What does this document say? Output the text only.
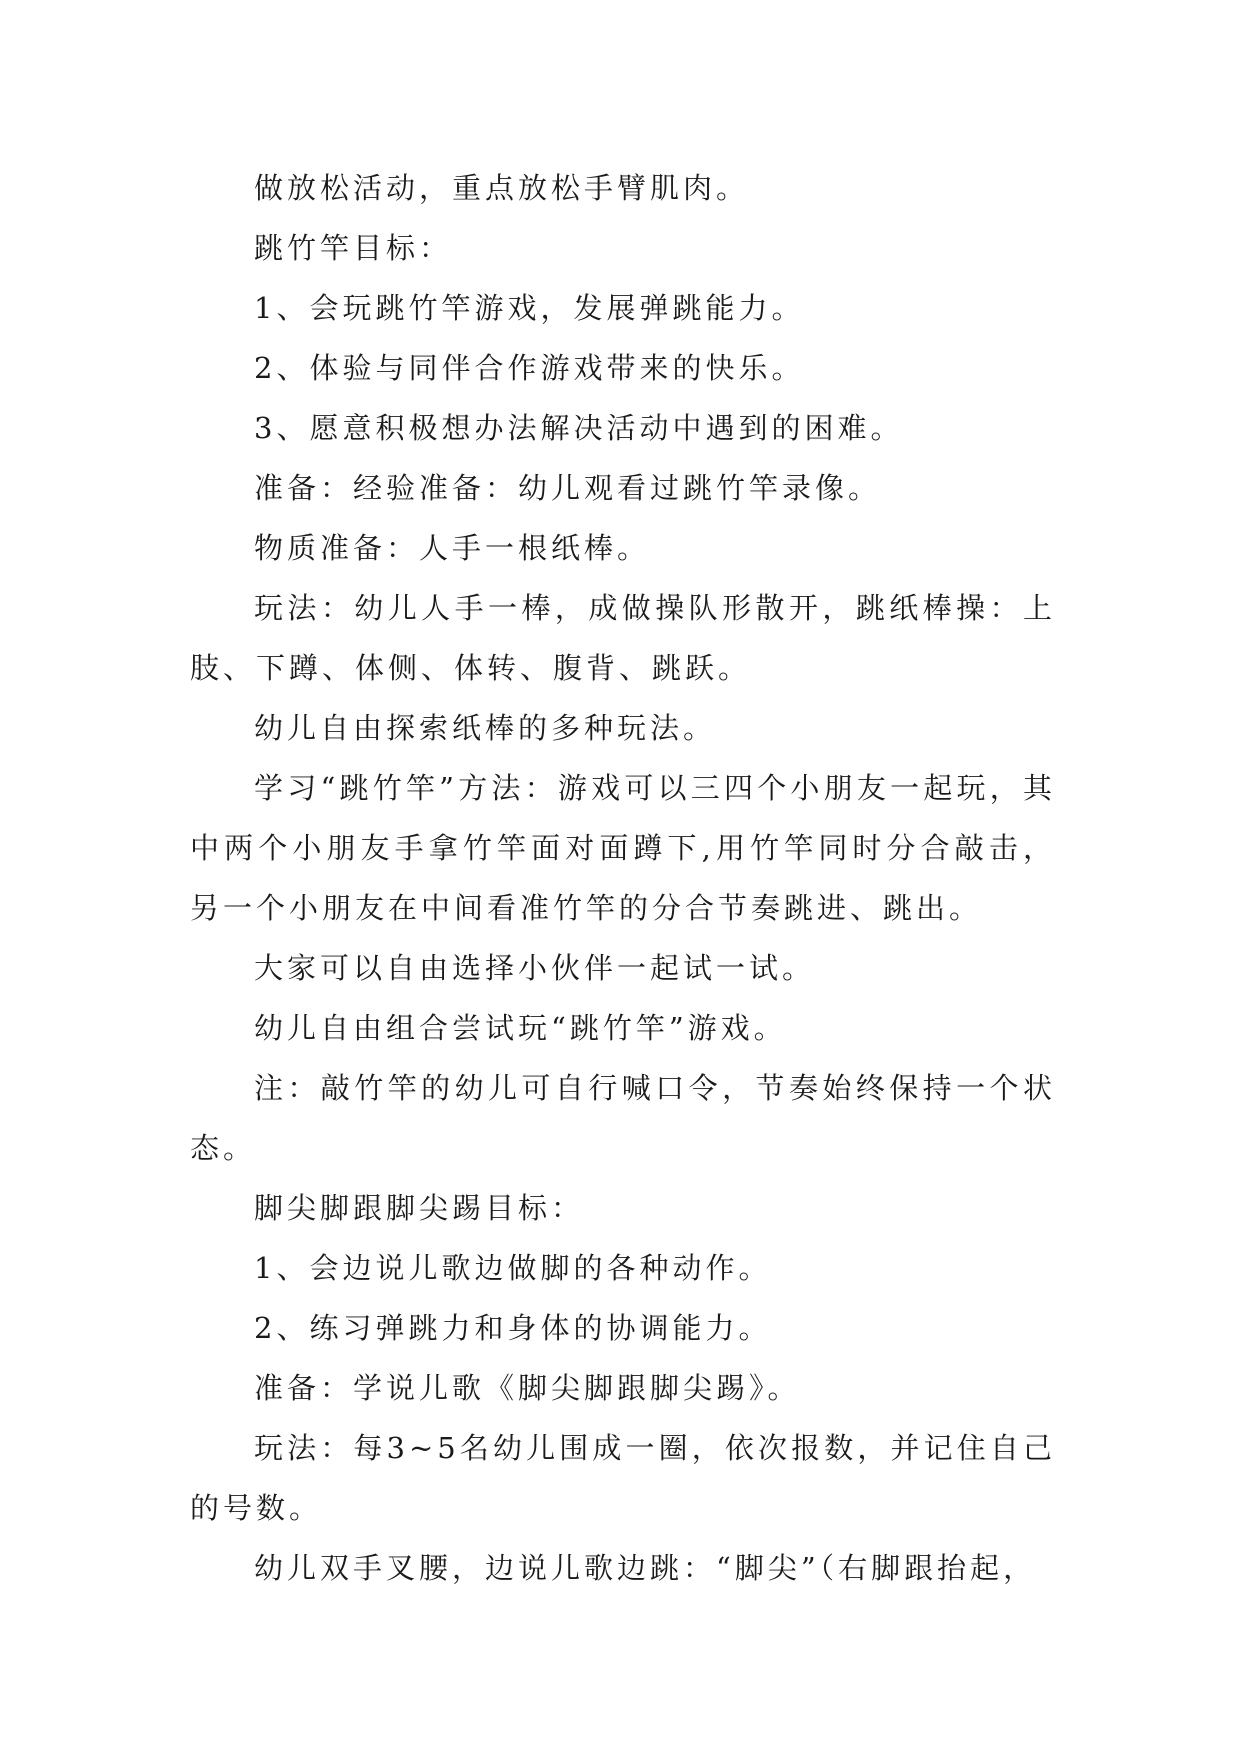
做放松活动，重点放松手臂肌肉。

跳竹竿目标：

1、会玩跳竹竿游戏，发展弹跳能力。

2、体验与同伴合作游戏带来的快乐。

3、愿意积极想办法解决活动中遇到的困难。

准备：经验准备：幼儿观看过跳竹竿录像。

物质准备：人手一根纸棒。

玩法：幼儿人手一棒，成做操队形散开，跳纸棒操：上肢、下蹲、体侧、体转、腹背、跳跃。

幼儿自由探索纸棒的多种玩法。

学习“跳竹竿”方法：游戏可以三四个小朋友一起玩，其中两个小朋友手拿竹竿面对面蹲下,用竹竿同时分合敲击，另一个小朋友在中间看准竹竿的分合节奏跳进、跳出。

大家可以自由选择小伙伴一起试一试。

幼儿自由组合尝试玩“跳竹竿”游戏。

注：敲竹竿的幼儿可自行喊口令，节奏始终保持一个状态。

脚尖脚跟脚尖踢目标：

1、会边说儿歌边做脚的各种动作。

2、练习弹跳力和身体的协调能力。

准备：学说儿歌《脚尖脚跟脚尖踢》。

玩法：每3~5名幼儿围成一圈，依次报数，并记住自己的号数。

幼儿双手叉腰，边说儿歌边跳：“脚尖”（右脚跟抬起，
